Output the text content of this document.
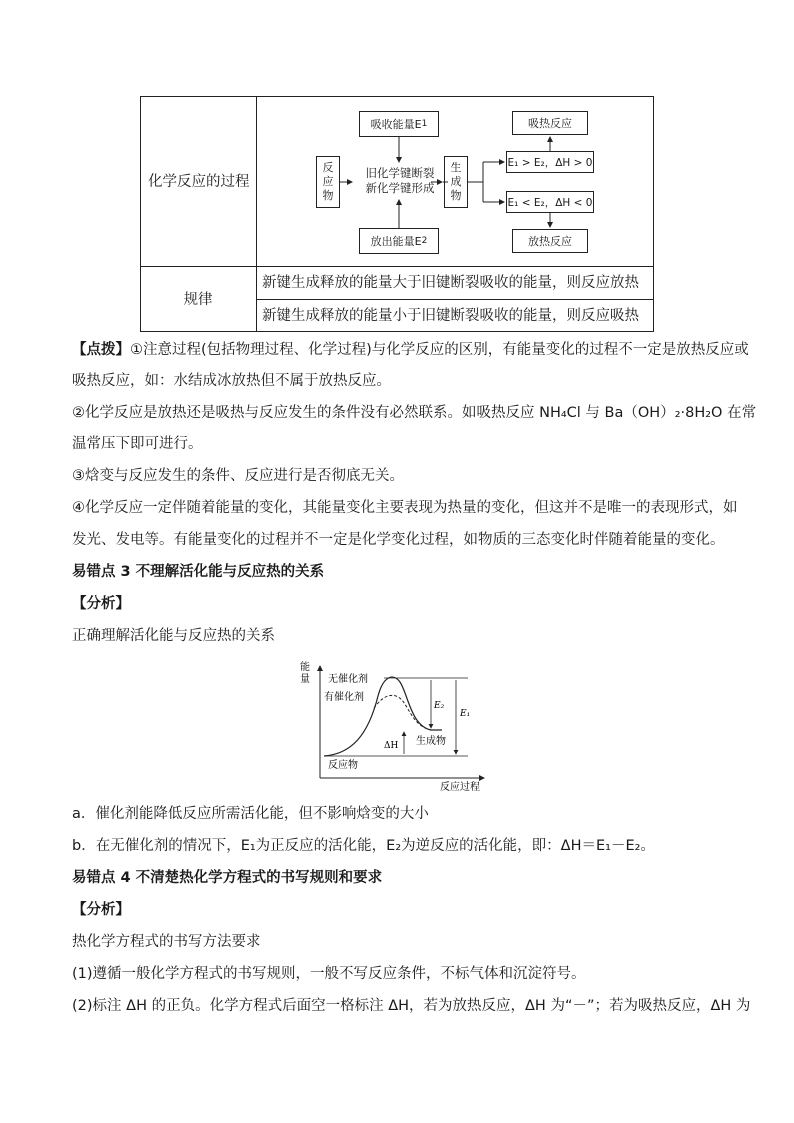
化学反应的过程
规律
新键生成释放的能量大于旧键断裂吸收的能量，则反应放热
新键生成释放的能量小于旧键断裂吸收的能量，则反应吸热
吸收能量E 1
放出能量E 2
反
应
物
旧化学键断裂
新化学键形成
生
成
物
吸热反应
放热反应
E₁ > E₂，ΔH > 0
E₁ < E₂，ΔH < 0
【点拨】①注意过程(包括物理过程、化学过程)与化学反应的区别，有能量变化的过程不一定是放热反应或
吸热反应，如：水结成冰放热但不属于放热反应。
②化学反应是放热还是吸热与反应发生的条件没有必然联系。如吸热反应 NH₄Cl 与 Ba（OH）₂·8H₂O 在常
温常压下即可进行。
③焓变与反应发生的条件、反应进行是否彻底无关。
④化学反应一定伴随着能量的变化，其能量变化主要表现为热量的变化，但这并不是唯一的表现形式，如
发光、发电等。有能量变化的过程并不一定是化学变化过程，如物质的三态变化时伴随着能量的变化。
易错点 3 不理解活化能与反应热的关系
【分析】
正确理解活化能与反应热的关系
能
量 无催化剂
有催化剂
E₂
E₁
ΔH 生成物
反应物
反应过程
a．催化剂能降低反应所需活化能，但不影响焓变的大小
b．在无催化剂的情况下，E₁为正反应的活化能，E₂为逆反应的活化能，即：ΔH＝E₁－E₂。
易错点 4 不清楚热化学方程式的书写规则和要求
【分析】
热化学方程式的书写方法要求
(1)遵循一般化学方程式的书写规则，一般不写反应条件，不标气体和沉淀符号。
(2)标注 ΔH 的正负。化学方程式后面空一格标注 ΔH，若为放热反应，ΔH 为“－”；若为吸热反应，ΔH 为
